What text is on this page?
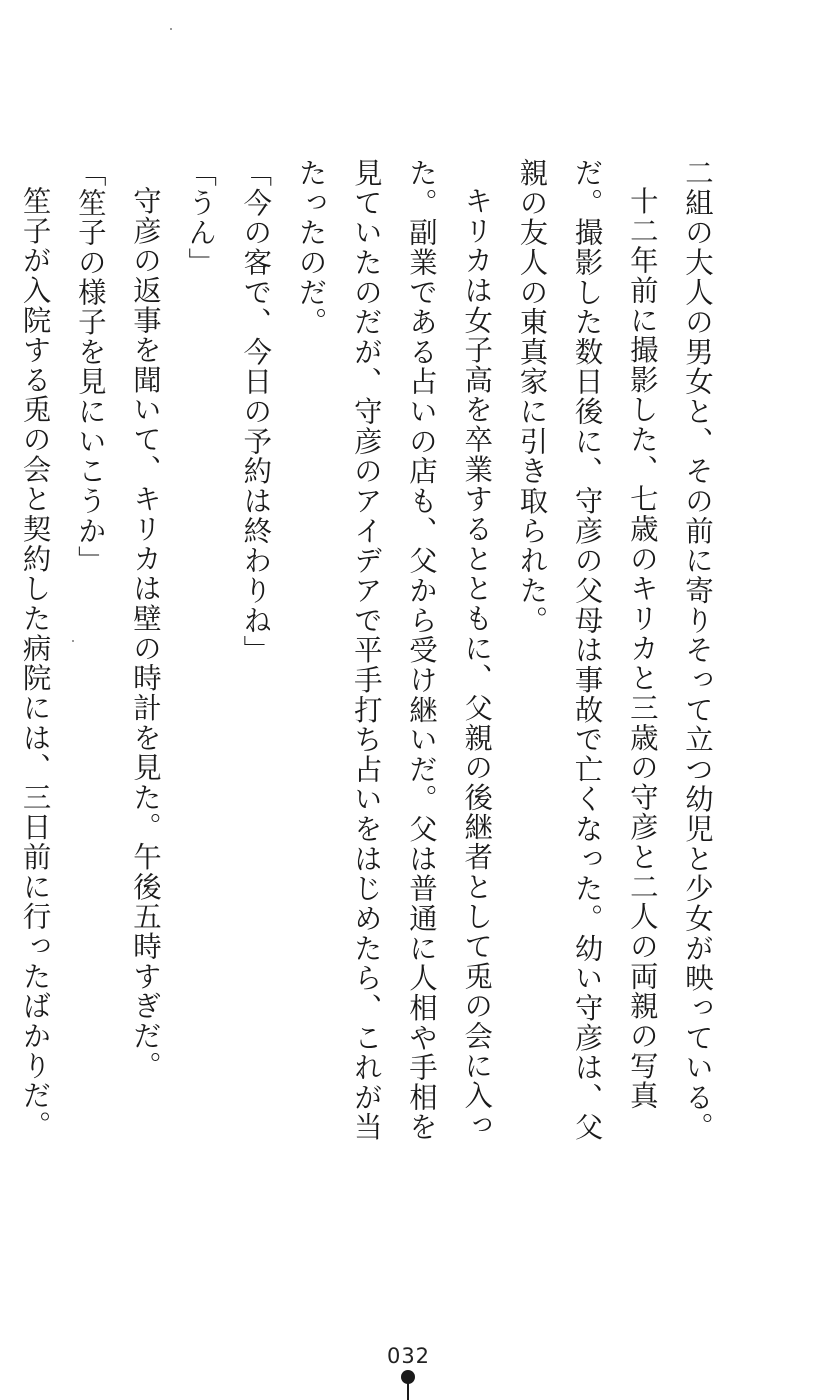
二組の大人の男女と、その前に寄りそって立つ幼児と少女が映っている。

十二年前に撮影した、七歳のキリカと三歳の守彦と二人の両親の写真だ。撮影した数日後に、守彦の父母は事故で亡くなった。幼い守彦は、父親の友人の東真家に引き取られた。

キリカは女子高を卒業するとともに、父親の後継者として兎の会に入った。副業である占いの店も、父から受け継いだ。父は普通に人相や手相を見ていたのだが、守彦のアイデアで平手打ち占いをはじめたら、これが当たったのだ。

「今の客で、今日の予約は終わりね」

「うん」

守彦の返事を聞いて、キリカは壁の時計を見た。午後五時すぎだ。

「笙子の様子を見にいこうか」

笙子が入院する兎の会と契約した病院には、三日前に行ったばかりだ。

032
